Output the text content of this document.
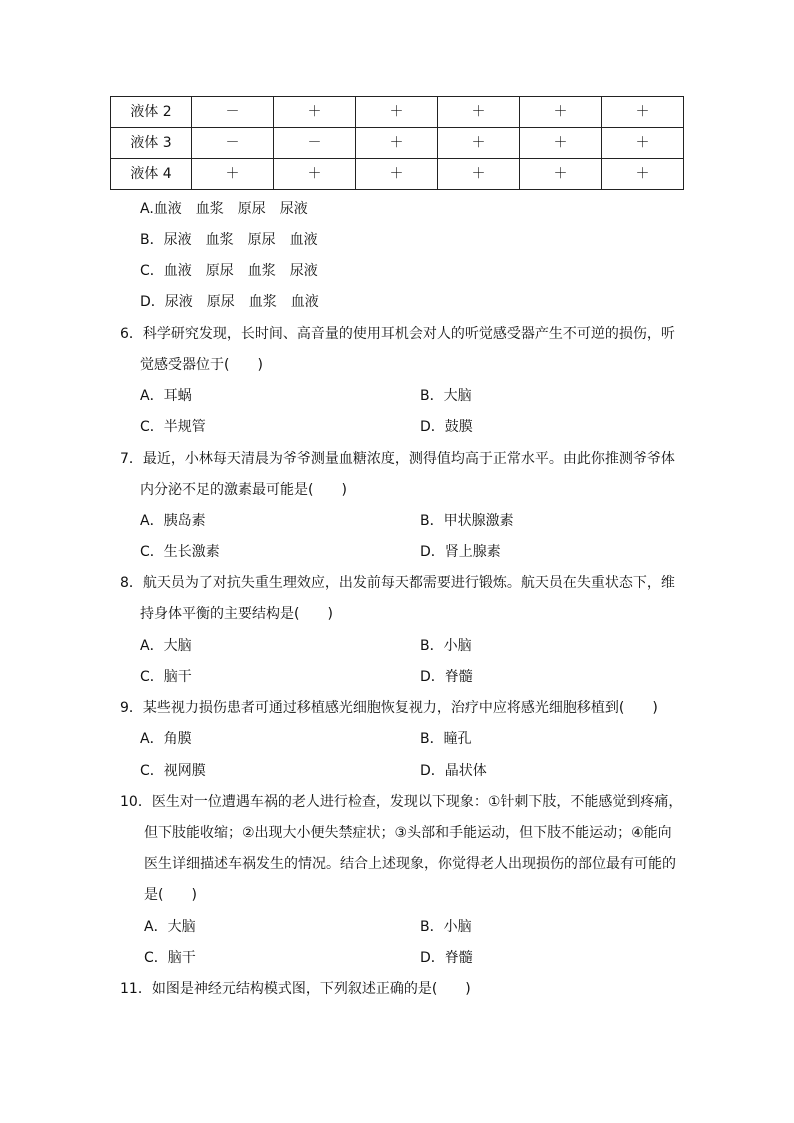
液体 2	－	＋	＋	＋	＋	＋
液体 3	－	－	＋	＋	＋	＋
液体 4	＋	＋	＋	＋	＋	＋
A.血液　血浆　原尿　尿液
B．尿液　血浆　原尿　血液
C．血液　原尿　血浆　尿液
D．尿液　原尿　血浆　血液
6．科学研究发现，长时间、高音量的使用耳机会对人的听觉感受器产生不可逆的损伤，听
觉感受器位于(　　)
A．耳蜗	B．大脑
C．半规管	D．鼓膜
7．最近，小林每天清晨为爷爷测量血糖浓度，测得值均高于正常水平。由此你推测爷爷体
内分泌不足的激素最可能是(　　)
A．胰岛素	B．甲状腺激素
C．生长激素	D．肾上腺素
8．航天员为了对抗失重生理效应，出发前每天都需要进行锻炼。航天员在失重状态下，维
持身体平衡的主要结构是(　　)
A．大脑	B．小脑
C．脑干	D．脊髓
9．某些视力损伤患者可通过移植感光细胞恢复视力，治疗中应将感光细胞移植到(　　)
A．角膜	B．瞳孔
C．视网膜	D．晶状体
10．医生对一位遭遇车祸的老人进行检查，发现以下现象：①针刺下肢，不能感觉到疼痛，
但下肢能收缩；②出现大小便失禁症状；③头部和手能运动，但下肢不能运动；④能向
医生详细描述车祸发生的情况。结合上述现象，你觉得老人出现损伤的部位最有可能的
是(　　)
A．大脑	B．小脑
C．脑干	D．脊髓
11．如图是神经元结构模式图，下列叙述正确的是(　　)
